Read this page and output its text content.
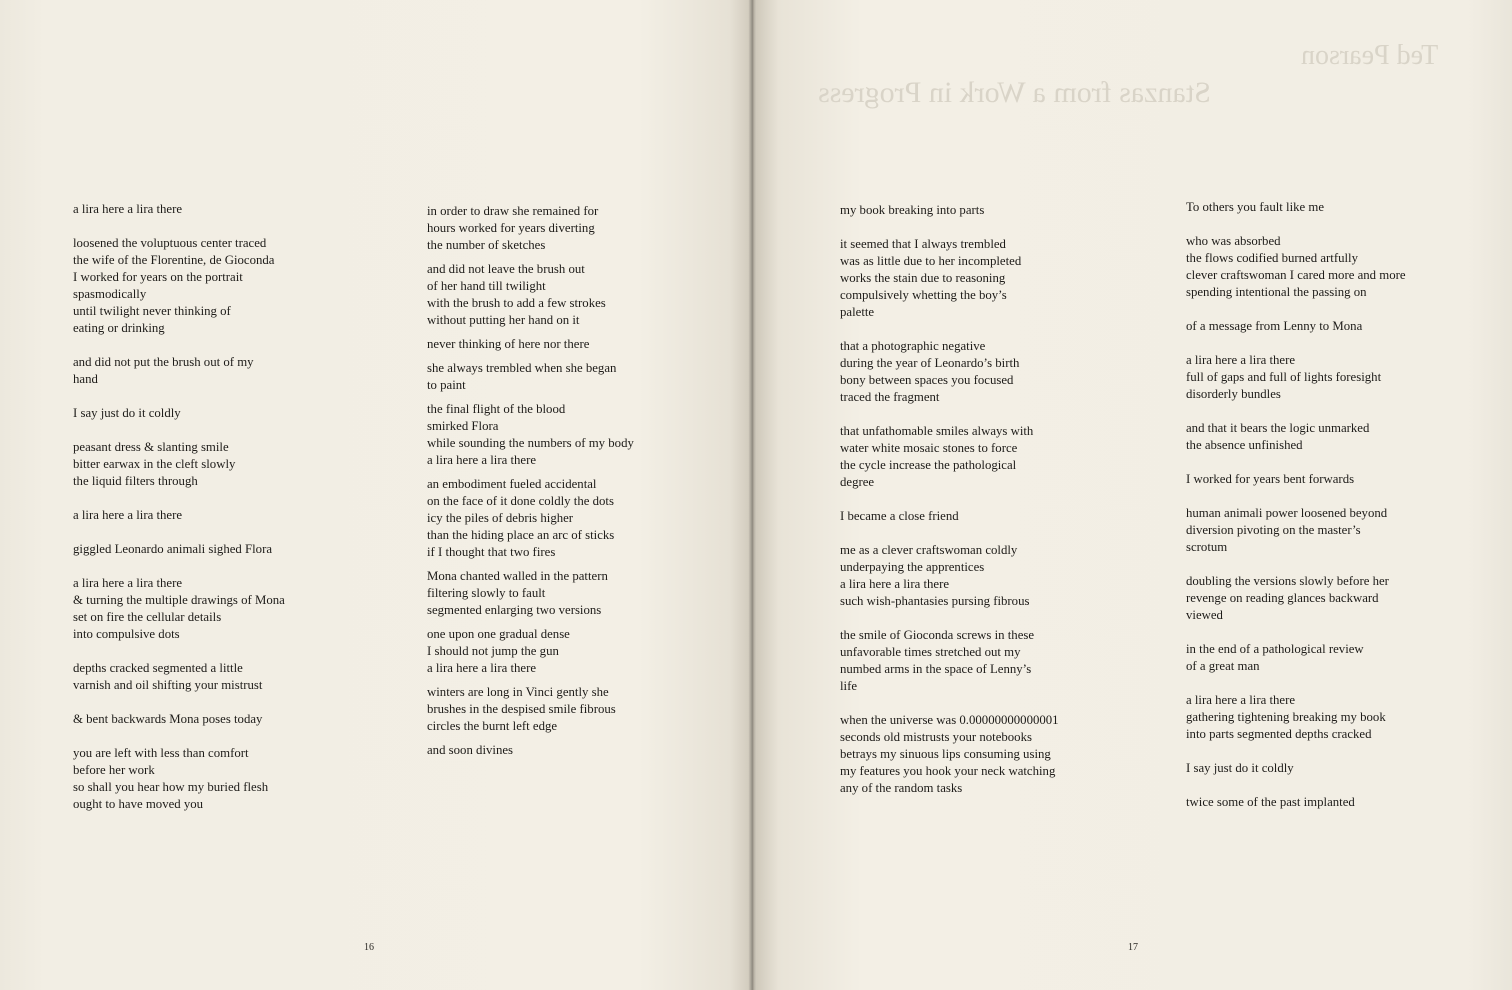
a lira here a lira there

loosened the voluptuous center traced
the wife of the Florentine, de Gioconda
I worked for years on the portrait
spasmodically
until twilight never thinking of
eating or drinking

and did not put the brush out of my
hand

I say just do it coldly

peasant dress & slanting smile
bitter earwax in the cleft slowly
the liquid filters through

a lira here a lira there

giggled Leonardo animali sighed Flora

a lira here a lira there
& turning the multiple drawings of Mona
set on fire the cellular details
into compulsive dots

depths cracked segmented a little
varnish and oil shifting your mistrust

& bent backwards Mona poses today

you are left with less than comfort
before her work
so shall you hear how my buried flesh
ought to have moved you

in order to draw she remained for
hours worked for years diverting
the number of sketches

and did not leave the brush out
of her hand till twilight
with the brush to add a few strokes
without putting her hand on it

never thinking of here nor there

she always trembled when she began
to paint

the final flight of the blood
smirked Flora
while sounding the numbers of my body
a lira here a lira there

an embodiment fueled accidental
on the face of it done coldly the dots
icy the piles of debris higher
than the hiding place an arc of sticks
if I thought that two fires

Mona chanted walled in the pattern
filtering slowly to fault
segmented enlarging two versions

one upon one gradual dense
I should not jump the gun
a lira here a lira there

winters are long in Vinci gently she
brushes in the despised smile fibrous
circles the burnt left edge

and soon divines

16
Ted Pearson
Stanzas from a Work in Progress

my book breaking into parts

it seemed that I always trembled
was as little due to her incompleted
works the stain due to reasoning
compulsively whetting the boy’s
palette

that a photographic negative
during the year of Leonardo’s birth
bony between spaces you focused
traced the fragment

that unfathomable smiles always with
water white mosaic stones to force
the cycle increase the pathological
degree

I became a close friend

me as a clever craftswoman coldly
underpaying the apprentices
a lira here a lira there
such wish-phantasies pursing fibrous

the smile of Gioconda screws in these
unfavorable times stretched out my
numbed arms in the space of Lenny’s
life

when the universe was 0.00000000000001
seconds old mistrusts your notebooks
betrays my sinuous lips consuming using
my features you hook your neck watching
any of the random tasks

To others you fault like me

who was absorbed
the flows codified burned artfully
clever craftswoman I cared more and more
spending intentional the passing on

of a message from Lenny to Mona

a lira here a lira there
full of gaps and full of lights foresight
disorderly bundles

and that it bears the logic unmarked
the absence unfinished

I worked for years bent forwards

human animali power loosened beyond
diversion pivoting on the master’s
scrotum

doubling the versions slowly before her
revenge on reading glances backward
viewed

in the end of a pathological review
of a great man

a lira here a lira there
gathering tightening breaking my book
into parts segmented depths cracked

I say just do it coldly

twice some of the past implanted

17
